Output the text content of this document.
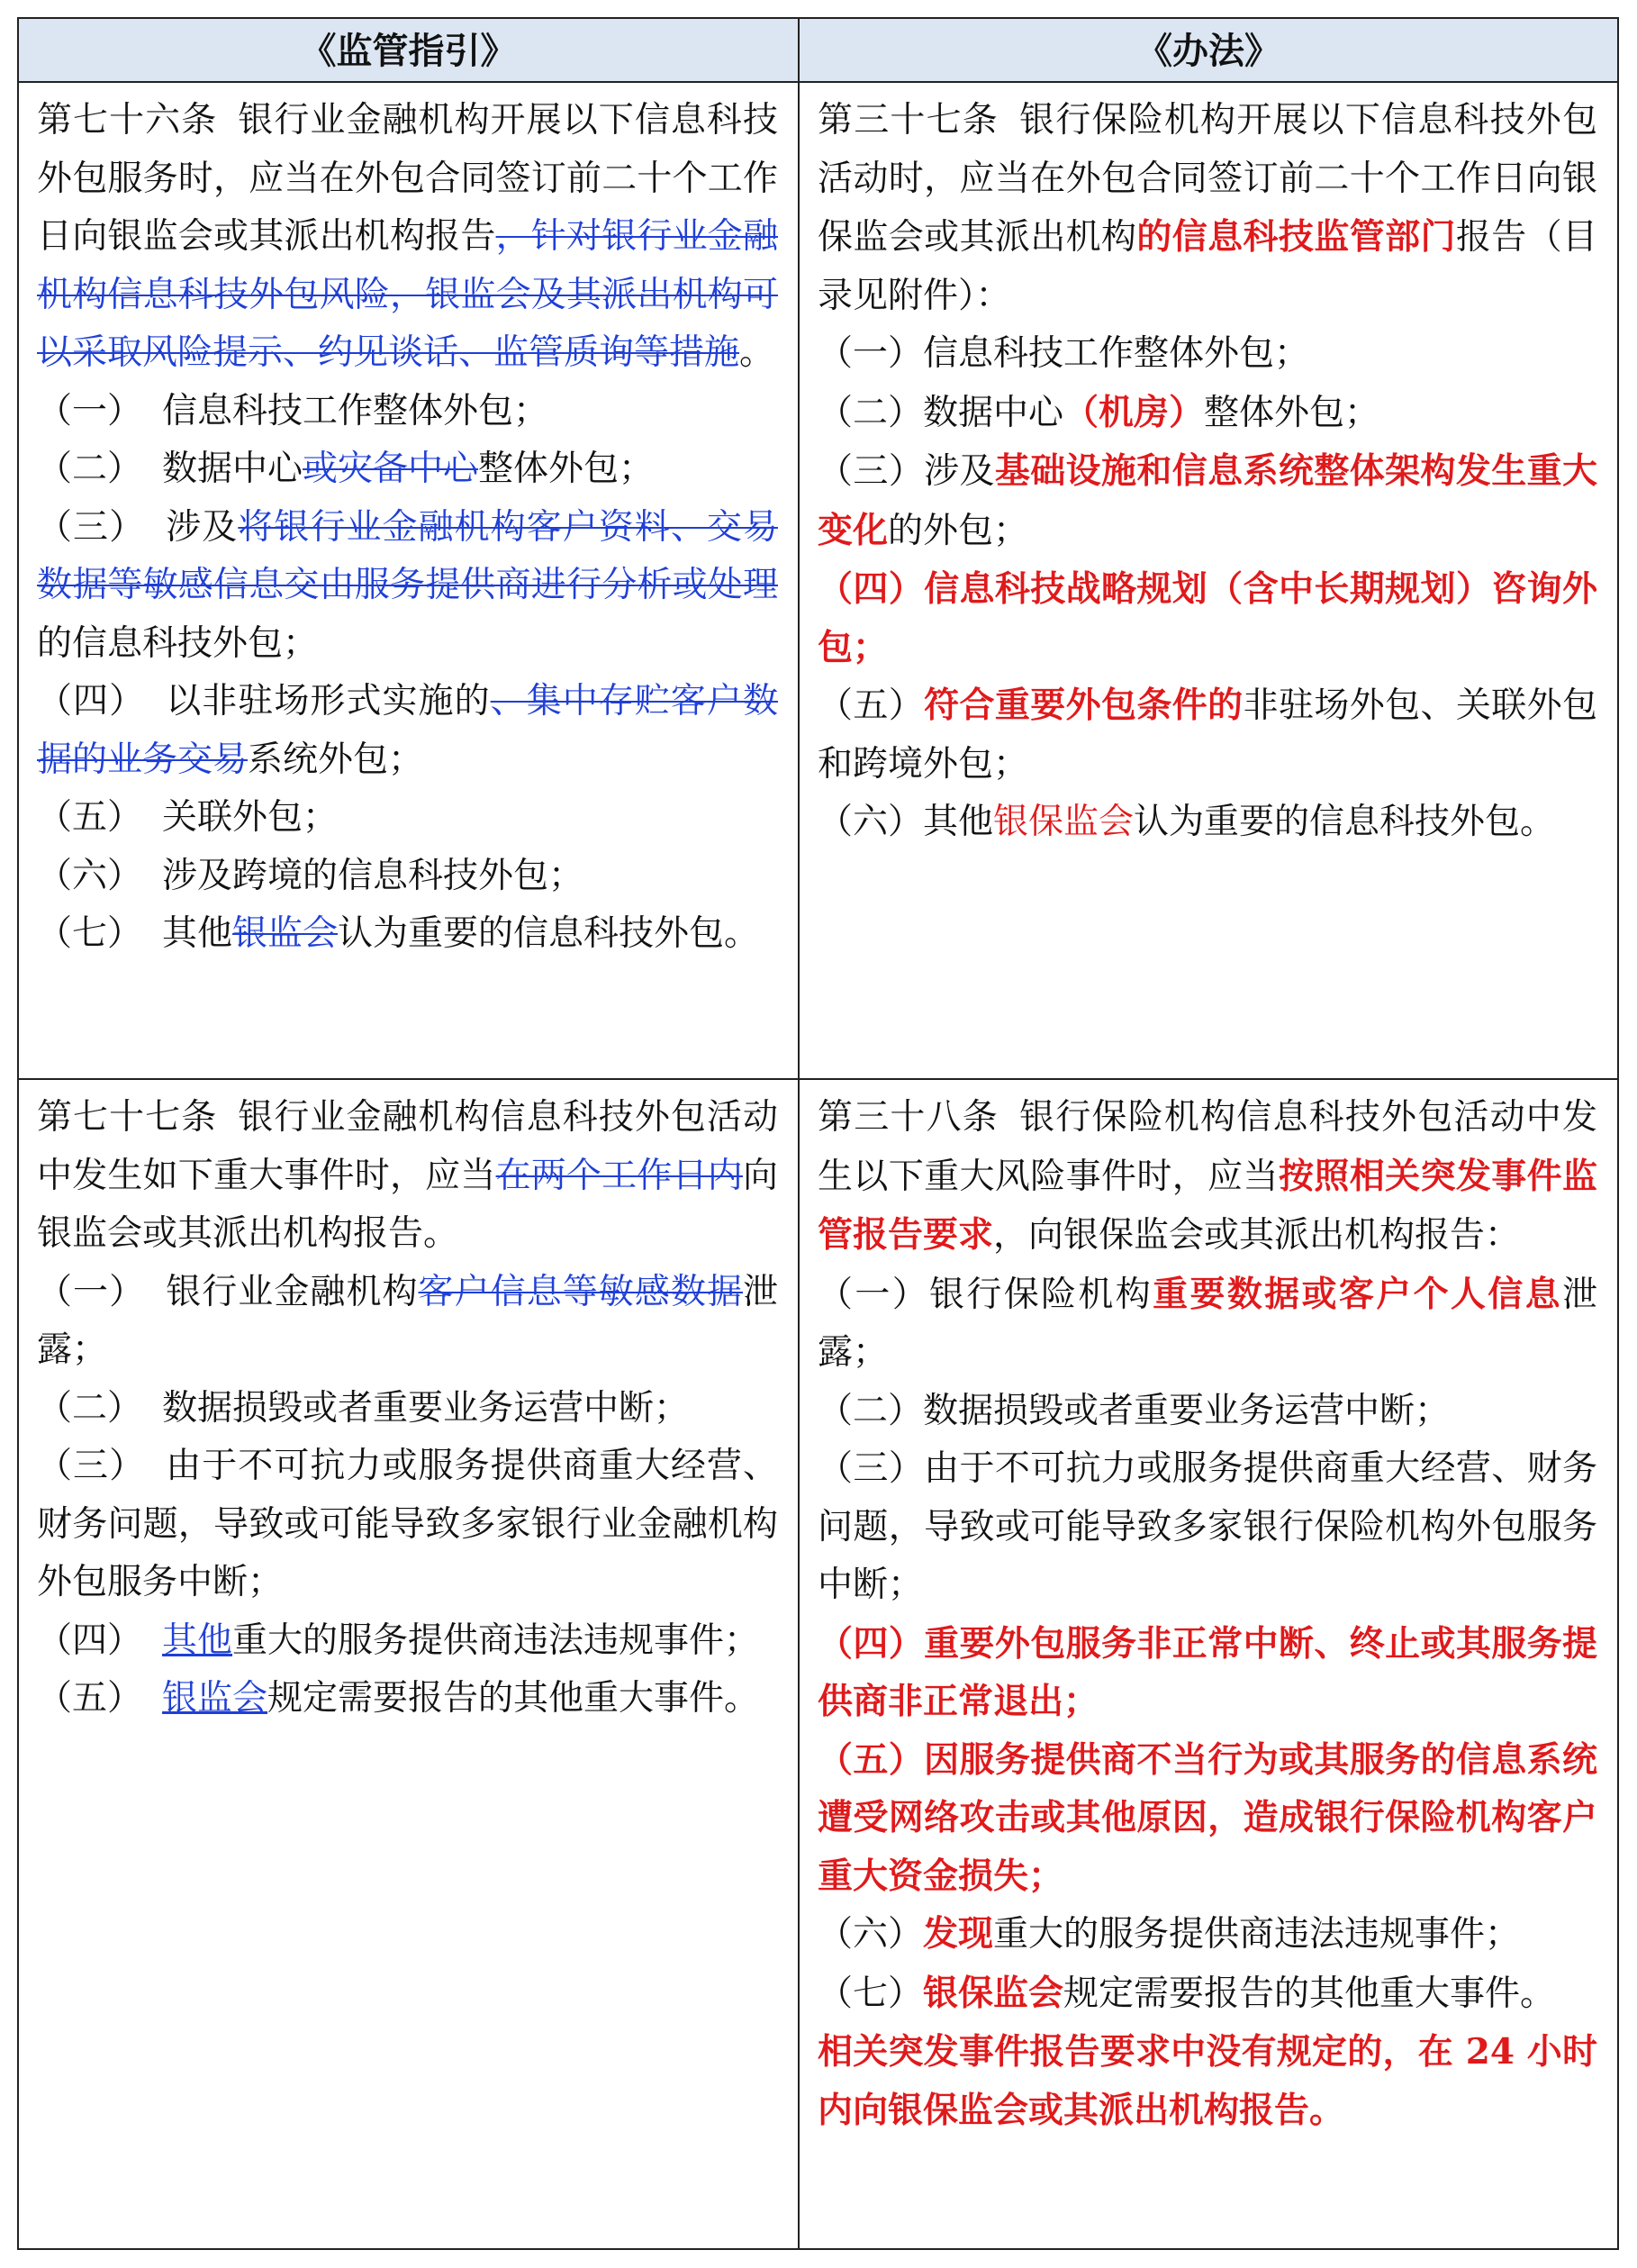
《监管指引》	《办法》

第七十六条 银行业金融机构开展以下信息科技外包服务时，应当在外包合同签订前二十个工作日向银监会或其派出机构报告，针对银行业金融机构信息科技外包风险，银监会及其派出机构可以采取风险提示、约见谈话、监管质询等措施。

（一） 信息科技工作整体外包；

（二） 数据中心或灾备中心整体外包；

（三） 涉及将银行业金融机构客户资料、交易数据等敏感信息交由服务提供商进行分析或处理的信息科技外包；

（四） 以非驻场形式实施的、集中存贮客户数据的业务交易系统外包；

（五） 关联外包；

（六） 涉及跨境的信息科技外包；

（七） 其他银监会认为重要的信息科技外包。

第三十七条 银行保险机构开展以下信息科技外包活动时，应当在外包合同签订前二十个工作日向银保监会或其派出机构的信息科技监管部门报告（目录见附件）：

（一）信息科技工作整体外包；

（二）数据中心（机房）整体外包；

（三）涉及基础设施和信息系统整体架构发生重大变化的外包；

（四）信息科技战略规划（含中长期规划）咨询外包；

（五）符合重要外包条件的非驻场外包、关联外包和跨境外包；

（六）其他银保监会认为重要的信息科技外包。

第七十七条 银行业金融机构信息科技外包活动中发生如下重大事件时，应当在两个工作日内向银监会或其派出机构报告。

（一） 银行业金融机构客户信息等敏感数据泄露；

（二） 数据损毁或者重要业务运营中断；

（三） 由于不可抗力或服务提供商重大经营、财务问题，导致或可能导致多家银行业金融机构外包服务中断；

（四） 其他重大的服务提供商违法违规事件；

（五） 银监会规定需要报告的其他重大事件。

第三十八条 银行保险机构信息科技外包活动中发生以下重大风险事件时，应当按照相关突发事件监管报告要求，向银保监会或其派出机构报告：

（一）银行保险机构重要数据或客户个人信息泄露；

（二）数据损毁或者重要业务运营中断；

（三）由于不可抗力或服务提供商重大经营、财务问题，导致或可能导致多家银行保险机构外包服务中断；

（四）重要外包服务非正常中断、终止或其服务提供商非正常退出；

（五）因服务提供商不当行为或其服务的信息系统遭受网络攻击或其他原因，造成银行保险机构客户重大资金损失；

（六）发现重大的服务提供商违法违规事件；

（七）银保监会规定需要报告的其他重大事件。

相关突发事件报告要求中没有规定的，在 24 小时内向银保监会或其派出机构报告。
